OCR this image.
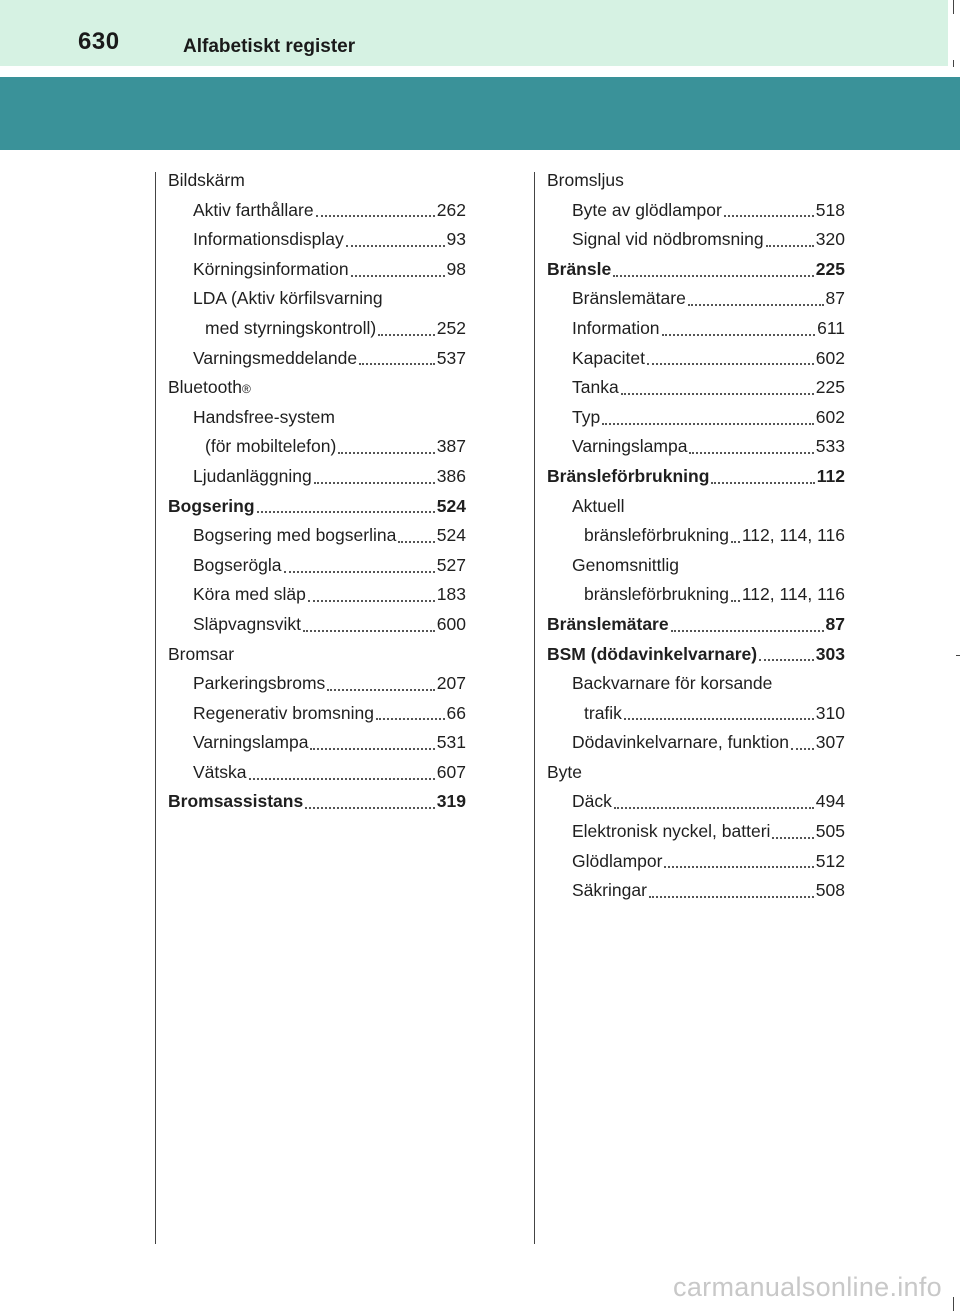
630	Alfabetiskt register
Bildskärm
Aktiv farthållare	262
Informationsdisplay	93
Körningsinformation	98
LDA (Aktiv körfilsvarning
med styrningskontroll)	252
Varningsmeddelande	537
Bluetooth ®
Handsfree-system
(för mobiltelefon)	387
Ljudanläggning	386
Bogsering	524
Bogsering med bogserlina 524
Bogserögla	527
Köra med släp	183
Släpvagnsvikt	600
Bromsar
Parkeringsbroms	207
Regenerativ bromsning	66
Varningslampa	531
Vätska	607
Bromsassistans	319
Bromsljus
Byte av glödlampor	518
Signal vid nödbromsning	320
Bränsle	225
Bränslemätare	87
Information	611
Kapacitet	602
Tanka	225
Typ	602
Varningslampa	533
Bränsleförbrukning	112
Aktuell
bränsleförbrukning 112, 114, 116
Genomsnittlig
bränsleförbrukning 112, 114, 116
Bränslemätare	87
BSM (dödavinkelvarnare)	303
Backvarnare för korsande
trafik	310
Dödavinkelvarnare, funktion 307
Byte
Däck	494
Elektronisk nyckel, batteri	505
Glödlampor	512
Säkringar	508
carmanualsonline.info
